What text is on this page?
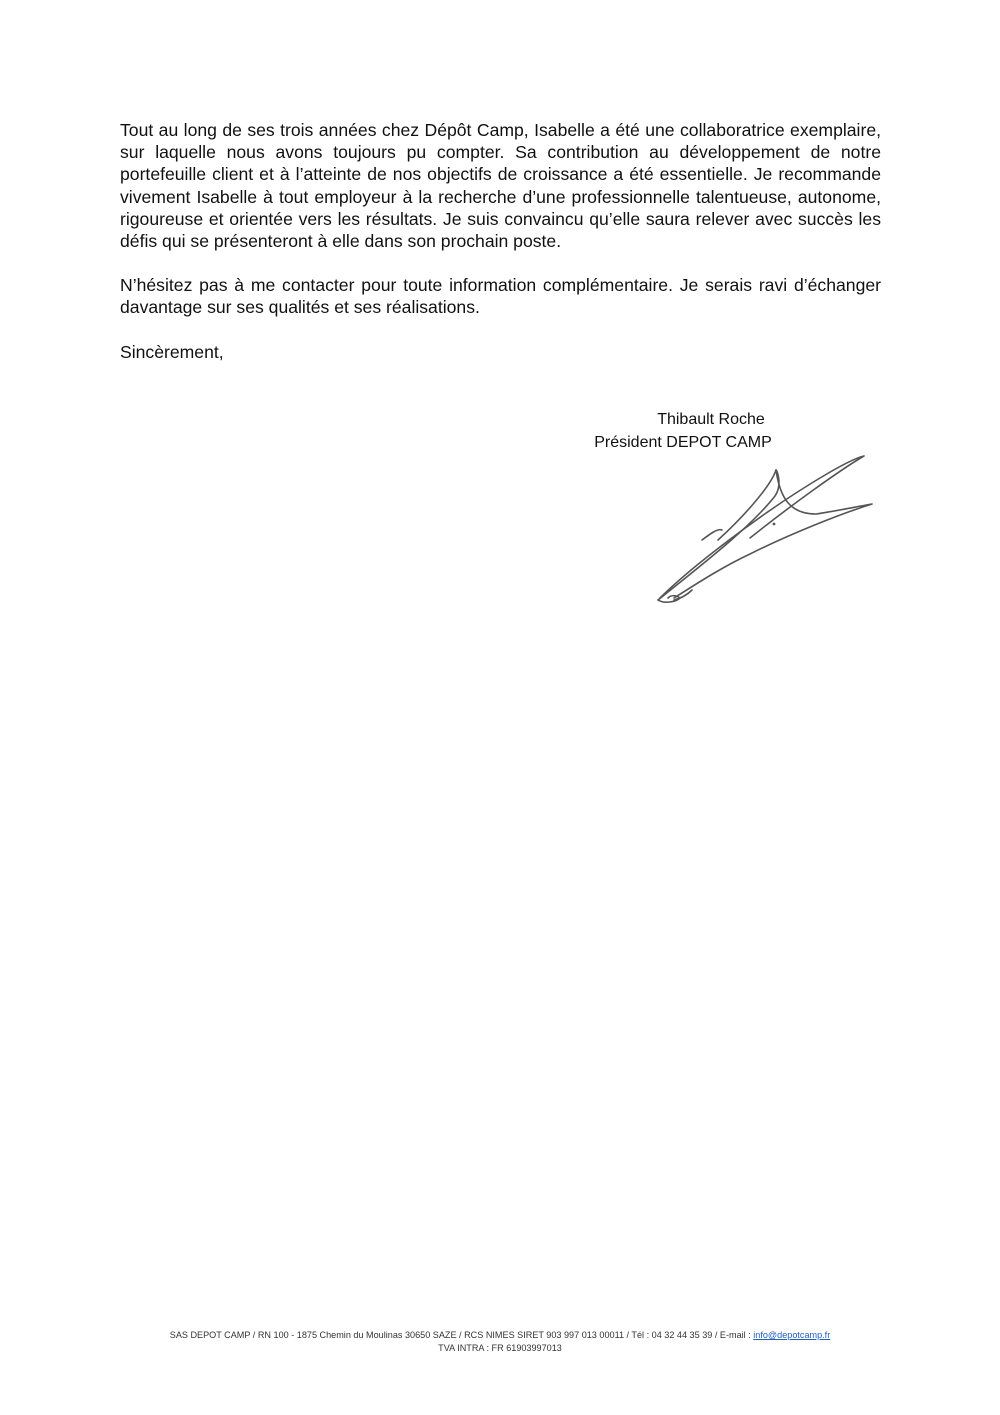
Tout au long de ses trois années chez Dépôt Camp, Isabelle a été une collaboratrice exemplaire, sur laquelle nous avons toujours pu compter. Sa contribution au développement de notre portefeuille client et à l’atteinte de nos objectifs de croissance a été essentielle. Je recommande vivement Isabelle à tout employeur à la recherche d’une professionnelle talentueuse, autonome, rigoureuse et orientée vers les résultats. Je suis convaincu qu’elle saura relever avec succès les défis qui se présenteront à elle dans son prochain poste.

N’hésitez pas à me contacter pour toute information complémentaire. Je serais ravi d’échanger davantage sur ses qualités et ses réalisations.

Sincèrement,

Thibault Roche
Président DEPOT CAMP
SAS DEPOT CAMP / RN 100 - 1875 Chemin du Moulinas 30650 SAZE / RCS NIMES SIRET 903 997 013 00011 / Tél : 04 32 44 35 39 / E-mail : info@depotcamp.fr
TVA INTRA : FR 61903997013
